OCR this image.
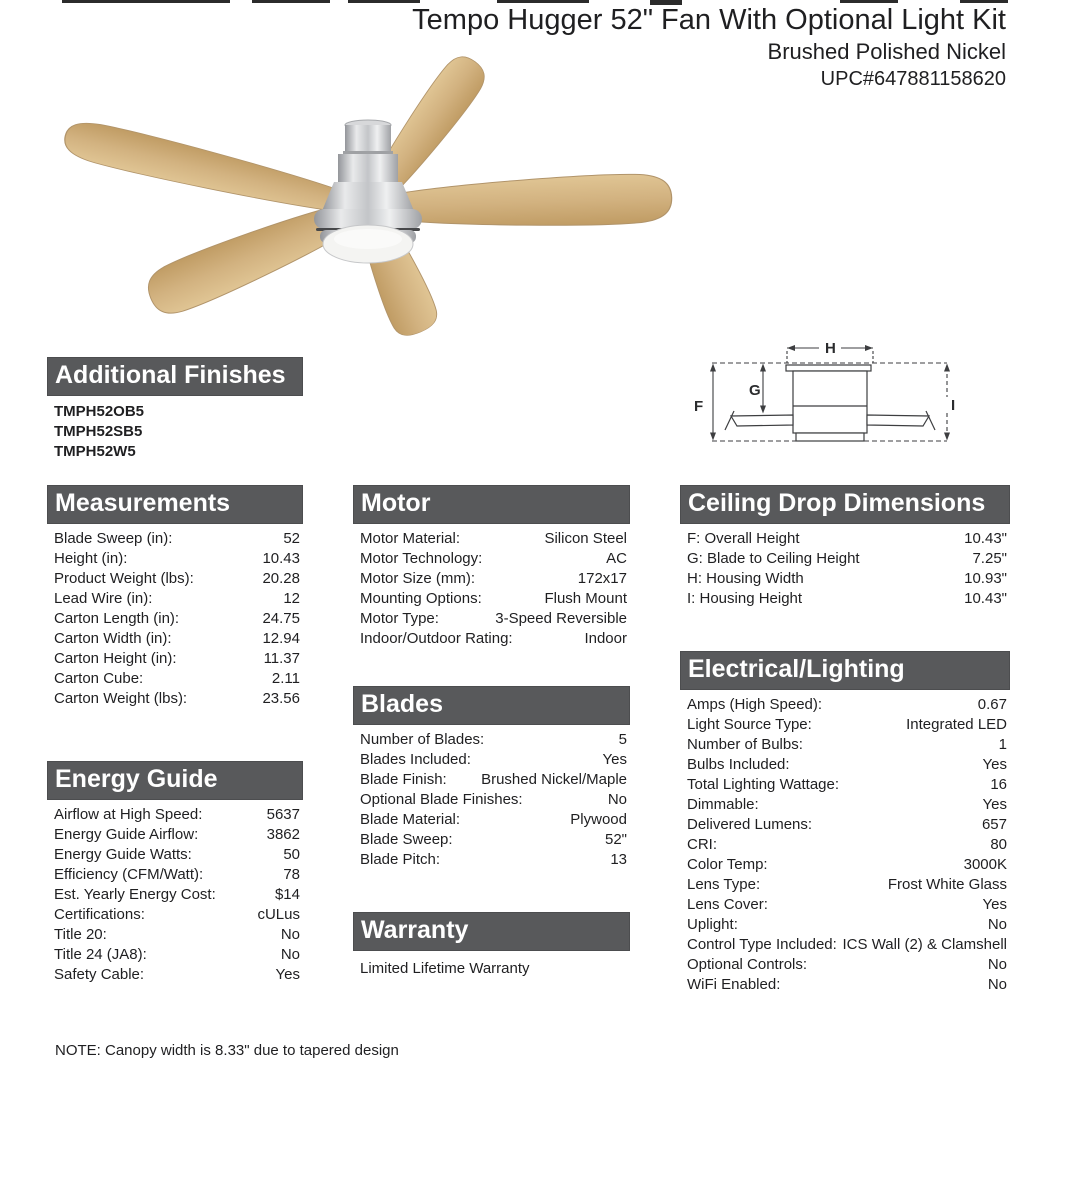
Tempo Hugger 52" Fan With Optional Light Kit
Brushed Polished Nickel
UPC#647881158620
F
G
H
I
Additional Finishes
TMPH52OB5
TMPH52SB5
TMPH52W5
Measurements
Blade Sweep (in):	52
Height (in):	10.43
Product Weight (lbs):	20.28
Lead Wire (in):	12
Carton Length (in):	24.75
Carton Width (in):	12.94
Carton Height (in):	11.37
Carton Cube:	2.11
Carton Weight (lbs):	23.56
Energy Guide
Airflow at High Speed:	5637
Energy Guide Airflow:	3862
Energy Guide Watts:	50
Efficiency (CFM/Watt):	78
Est. Yearly Energy Cost:	$14
Certifications:	cULus
Title 20:	No
Title 24 (JA8):	No
Safety Cable:	Yes
Motor
Motor Material:	Silicon Steel
Motor Technology:	AC
Motor Size (mm):	172x17
Mounting Options:	Flush Mount
Motor Type:	3-Speed Reversible
Indoor/Outdoor Rating:	Indoor
Blades
Number of Blades:	5
Blades Included:	Yes
Blade Finish: Brushed Nickel/Maple
Optional Blade Finishes:	No
Blade Material:	Plywood
Blade Sweep:	52"
Blade Pitch:	13
Warranty
Limited Lifetime Warranty
Ceiling Drop Dimensions
F: Overall Height	10.43"
G: Blade to Ceiling Height	7.25"
H: Housing Width	10.93"
I: Housing Height	10.43"
Electrical/Lighting
Amps (High Speed):	0.67
Light Source Type:	Integrated LED
Number of Bulbs:	1
Bulbs Included:	Yes
Total Lighting Wattage:	16
Dimmable:	Yes
Delivered Lumens:	657
CRI:	80
Color Temp:	3000K
Lens Type:	Frost White Glass
Lens Cover:	Yes
Uplight:	No
Control Type Included: ICS Wall (2) & Clamshell
Optional Controls:	No
WiFi Enabled:	No
NOTE: Canopy width is 8.33" due to tapered design
